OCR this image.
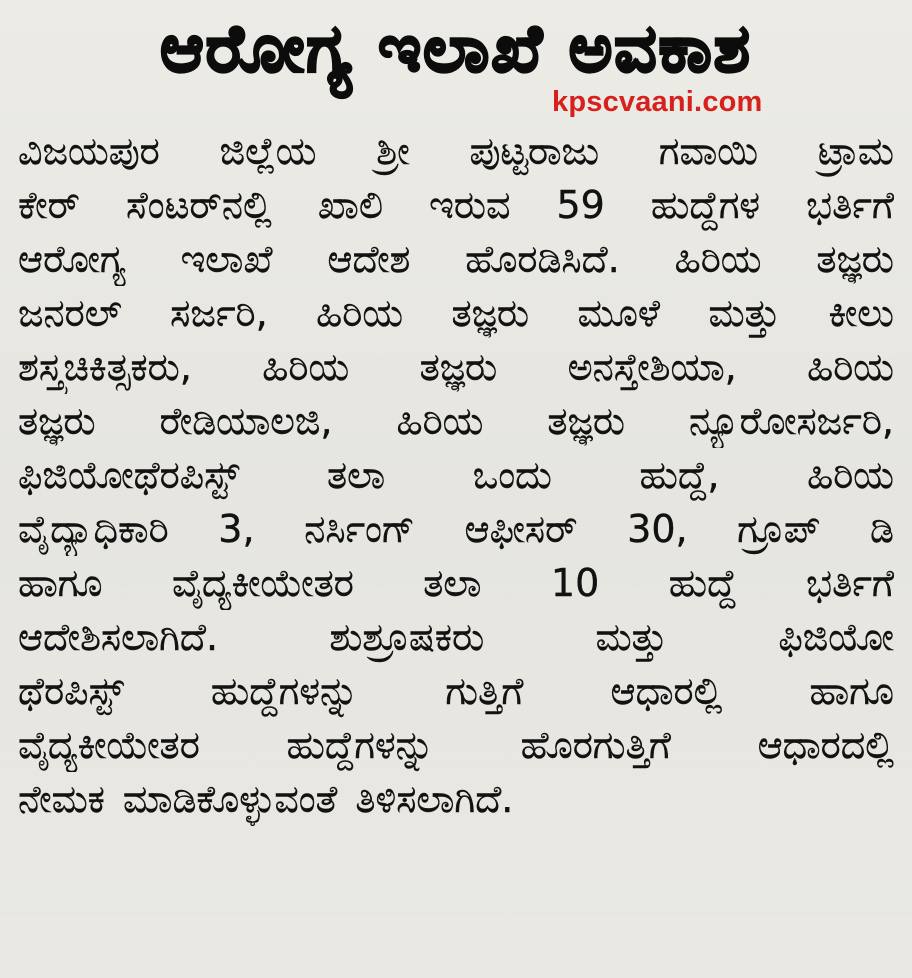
ಆರೋಗ್ಯ ಇಲಾಖೆ ಅವಕಾಶ
kpscvaani.com
ವಿಜಯಪುರ ಜಿಲ್ಲೆಯ ಶ್ರೀ ಪುಟ್ಟರಾಜು ಗವಾಯಿ ಟ್ರಾಮ
ಕೇರ್ ಸೆಂಟರ್‌ನಲ್ಲಿ ಖಾಲಿ ಇರುವ 59 ಹುದ್ದೆಗಳ ಭರ್ತಿಗೆ
ಆರೋಗ್ಯ ಇಲಾಖೆ ಆದೇಶ ಹೊರಡಿಸಿದೆ. ಹಿರಿಯ ತಜ್ಞರು
ಜನರಲ್ ಸರ್ಜರಿ, ಹಿರಿಯ ತಜ್ಞರು ಮೂಳೆ ಮತ್ತು ಕೀಲು
ಶಸ್ತ್ರಚಿಕಿತ್ಸಕರು, ಹಿರಿಯ ತಜ್ಞರು ಅನಸ್ತೇಶಿಯಾ, ಹಿರಿಯ
ತಜ್ಞರು ರೇಡಿಯಾಲಜಿ, ಹಿರಿಯ ತಜ್ಞರು ನ್ಯೂರೋಸರ್ಜರಿ,
ಫಿಜಿಯೋಥೆರಪಿಸ್ಟ್ ತಲಾ ಒಂದು ಹುದ್ದೆ, ಹಿರಿಯ
ವೈದ್ಯಾಧಿಕಾರಿ 3, ನರ್ಸಿಂಗ್ ಆಫೀಸರ್ 30, ಗ್ರೂಪ್ ಡಿ
ಹಾಗೂ ವೈದ್ಯಕೀಯೇತರ ತಲಾ 10 ಹುದ್ದೆ ಭರ್ತಿಗೆ
ಆದೇಶಿಸಲಾಗಿದೆ. ಶುಶ್ರೂಷಕರು ಮತ್ತು ಫಿಜಿಯೋ
ಥೆರಪಿಸ್ಟ್ ಹುದ್ದೆಗಳನ್ನು ಗುತ್ತಿಗೆ ಆಧಾರಲ್ಲಿ ಹಾಗೂ
ವೈದ್ಯಕೀಯೇತರ ಹುದ್ದೆಗಳನ್ನು ಹೊರಗುತ್ತಿಗೆ ಆಧಾರದಲ್ಲಿ
ನೇಮಕ ಮಾಡಿಕೊಳ್ಳುವಂತೆ ತಿಳಿಸಲಾಗಿದೆ.
